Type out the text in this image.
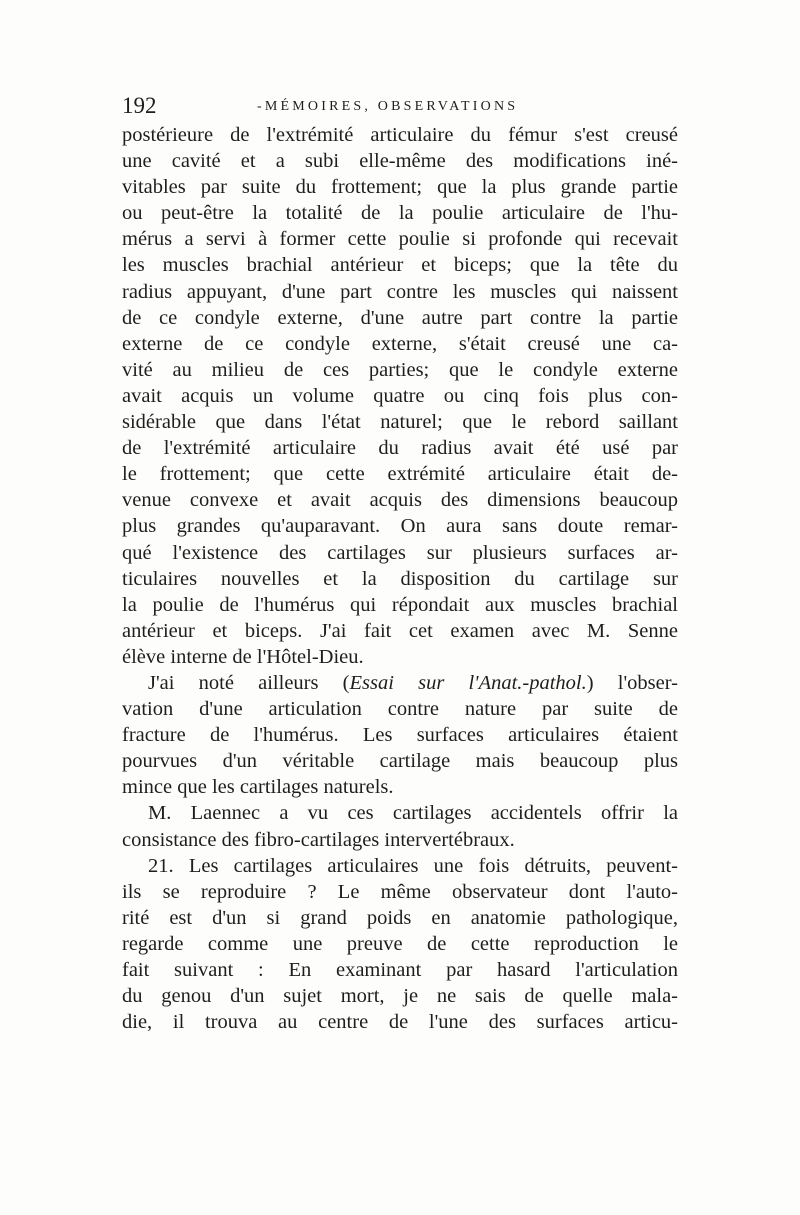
192	-MÉMOIRES, OBSERVATIONS
postérieure de l'extrémité articulaire du fémur s'est creusé
une cavité et a subi elle-même des modifications iné-
vitables par suite du frottement; que la plus grande partie
ou peut-être la totalité de la poulie articulaire de l'hu-
mérus a servi à former cette poulie si profonde qui recevait
les muscles brachial antérieur et biceps; que la tête du
radius appuyant, d'une part contre les muscles qui naissent
de ce condyle externe, d'une autre part contre la partie
externe de ce condyle externe, s'était creusé une ca-
vité au milieu de ces parties; que le condyle externe
avait acquis un volume quatre ou cinq fois plus con-
sidérable que dans l'état naturel; que le rebord saillant
de l'extrémité articulaire du radius avait été usé par
le frottement; que cette extrémité articulaire était de-
venue convexe et avait acquis des dimensions beaucoup
plus grandes qu'auparavant. On aura sans doute remar-
qué l'existence des cartilages sur plusieurs surfaces ar-
ticulaires nouvelles et la disposition du cartilage sur
la poulie de l'humérus qui répondait aux muscles brachial
antérieur et biceps. J'ai fait cet examen avec M. Senne
élève interne de l'Hôtel-Dieu.
J'ai noté ailleurs (Essai sur l'Anat.-pathol.) l'obser-
vation d'une articulation contre nature par suite de
fracture de l'humérus. Les surfaces articulaires étaient
pourvues d'un véritable cartilage mais beaucoup plus
mince que les cartilages naturels.
M. Laennec a vu ces cartilages accidentels offrir la
consistance des fibro-cartilages intervertébraux.
21. Les cartilages articulaires une fois détruits, peuvent-
ils se reproduire ? Le même observateur dont l'auto-
rité est d'un si grand poids en anatomie pathologique,
regarde comme une preuve de cette reproduction le
fait suivant : En examinant par hasard l'articulation
du genou d'un sujet mort, je ne sais de quelle mala-
die, il trouva au centre de l'une des surfaces articu-
